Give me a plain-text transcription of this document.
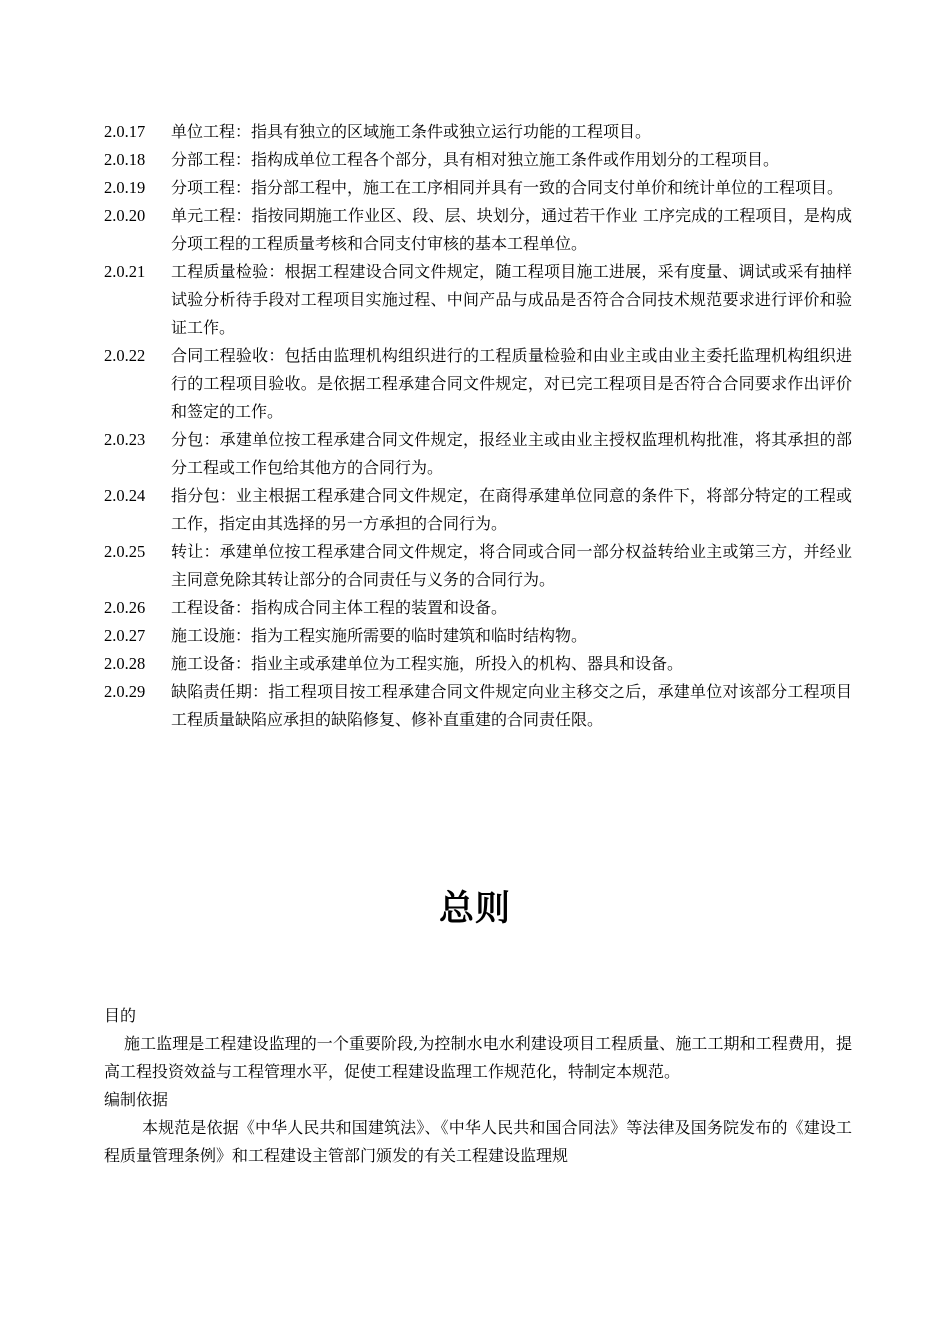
2.0.17	单位工程：指具有独立的区域施工条件或独立运行功能的工程项目。
2.0.18	分部工程：指构成单位工程各个部分，具有相对独立施工条件或作用划分的工程项目。
2.0.19	分项工程：指分部工程中，施工在工序相同并具有一致的合同支付单价和统计单位的工程项目。
2.0.20	单元工程：指按同期施工作业区、段、层、块划分，通过若干作业 工序完成的工程项目，是构成分项工程的工程质量考核和合同支付审核的基本工程单位。
2.0.21	工程质量检验：根据工程建设合同文件规定，随工程项目施工进展，采有度量、调试或采有抽样试验分析待手段对工程项目实施过程、中间产品与成品是否符合合同技术规范要求进行评价和验证工作。
2.0.22	合同工程验收：包括由监理机构组织进行的工程质量检验和由业主或由业主委托监理机构组织进行的工程项目验收。是依据工程承建合同文件规定，对已完工程项目是否符合合同要求作出评价和签定的工作。
2.0.23	分包：承建单位按工程承建合同文件规定，报经业主或由业主授权监理机构批准，将其承担的部分工程或工作包给其他方的合同行为。
2.0.24	指分包：业主根据工程承建合同文件规定，在商得承建单位同意的条件下，将部分特定的工程或工作，指定由其选择的另一方承担的合同行为。
2.0.25	转让：承建单位按工程承建合同文件规定，将合同或合同一部分权益转给业主或第三方，并经业主同意免除其转让部分的合同责任与义务的合同行为。
2.0.26	工程设备：指构成合同主体工程的装置和设备。
2.0.27	施工设施：指为工程实施所需要的临时建筑和临时结构物。
2.0.28	施工设备：指业主或承建单位为工程实施，所投入的机构、器具和设备。
2.0.29	缺陷责任期：指工程项目按工程承建合同文件规定向业主移交之后，承建单位对该部分工程项目工程质量缺陷应承担的缺陷修复、修补直重建的合同责任限。
总则

目的

施工监理是工程建设监理的一个重要阶段,为控制水电水利建设项目工程质量、施工工期和工程费用，提高工程投资效益与工程管理水平，促使工程建设监理工作规范化，特制定本规范。

编制依据

本规范是依据《中华人民共和国建筑法》、《中华人民共和国合同法》等法律及国务院发布的《建设工程质量管理条例》和工程建设主管部门颁发的有关工程建设监理规
